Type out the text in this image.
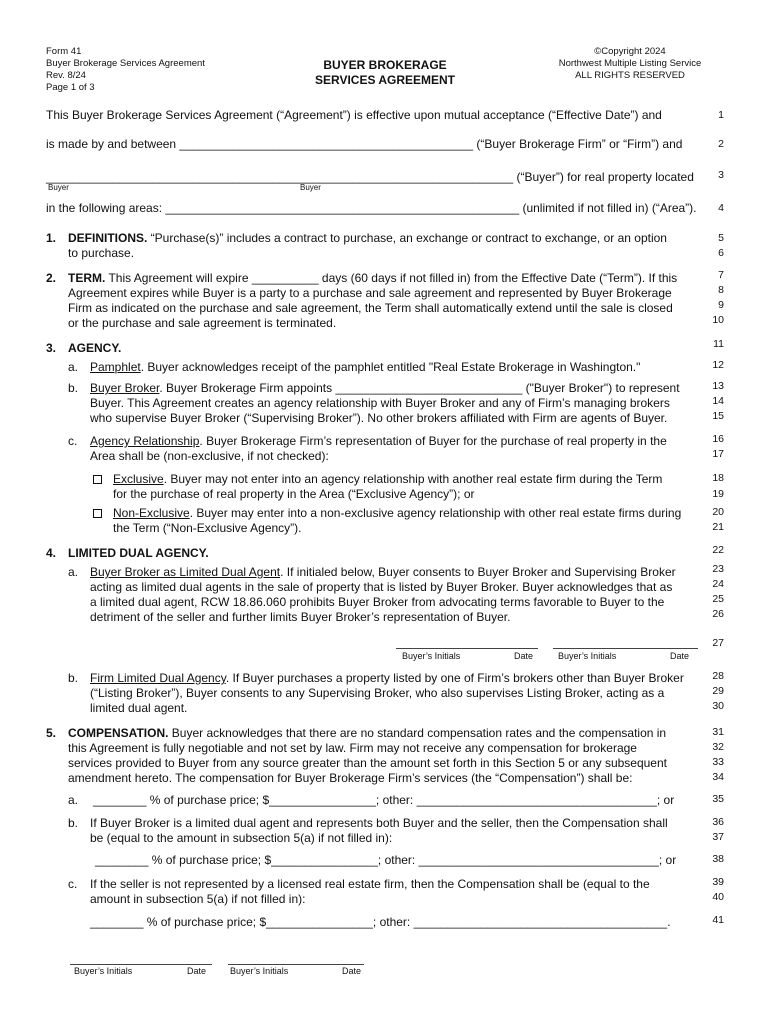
Form 41
Buyer Brokerage Services Agreement
Rev. 8/24
Page 1 of 3
BUYER BROKERAGE
SERVICES AGREEMENT
©Copyright 2024
Northwest Multiple Listing Service
ALL RIGHTS RESERVED
This Buyer Brokerage Services Agreement (“Agreement”) is effective upon mutual acceptance (“Effective Date”) and
is made by and between ____________________________________________ (“Buyer Brokerage Firm” or “Firm”) and
______________________________________________________________________ (“Buyer”) for real property located
Buyer	Buyer
in the following areas: _____________________________________________________ (unlimited if not filled in) (“Area”).
1. DEFINITIONS. “Purchase(s)” includes a contract to purchase, an exchange or contract to exchange, or an option
to purchase.
2. TERM. This Agreement will expire __________ days (60 days if not filled in) from the Effective Date (“Term”). If this
Agreement expires while Buyer is a party to a purchase and sale agreement and represented by Buyer Brokerage
Firm as indicated on the purchase and sale agreement, the Term shall automatically extend until the sale is closed
or the purchase and sale agreement is terminated.
3. AGENCY.
a. Pamphlet. Buyer acknowledges receipt of the pamphlet entitled "Real Estate Brokerage in Washington."
b. Buyer Broker. Buyer Brokerage Firm appoints ____________________________ ("Buyer Broker") to represent
Buyer. This Agreement creates an agency relationship with Buyer Broker and any of Firm’s managing brokers
who supervise Buyer Broker (“Supervising Broker”). No other brokers affiliated with Firm are agents of Buyer.
c. Agency Relationship. Buyer Brokerage Firm’s representation of Buyer for the purchase of real property in the
Area shall be (non-exclusive, if not checked):
Exclusive. Buyer may not enter into an agency relationship with another real estate firm during the Term
for the purchase of real property in the Area (“Exclusive Agency”); or
Non-Exclusive. Buyer may enter into a non-exclusive agency relationship with other real estate firms during
the Term (“Non-Exclusive Agency”).
4. LIMITED DUAL AGENCY.
a. Buyer Broker as Limited Dual Agent. If initialed below, Buyer consents to Buyer Broker and Supervising Broker
acting as limited dual agents in the sale of property that is listed by Buyer Broker. Buyer acknowledges that as
a limited dual agent, RCW 18.86.060 prohibits Buyer Broker from advocating terms favorable to Buyer to the
detriment of the seller and further limits Buyer Broker’s representation of Buyer.
Buyer’s Initials	Date	Buyer’s Initials	Date
b. Firm Limited Dual Agency. If Buyer purchases a property listed by one of Firm’s brokers other than Buyer Broker
(“Listing Broker”), Buyer consents to any Supervising Broker, who also supervises Listing Broker, acting as a
limited dual agent.
5. COMPENSATION. Buyer acknowledges that there are no standard compensation rates and the compensation in
this Agreement is fully negotiable and not set by law. Firm may not receive any compensation for brokerage
services provided to Buyer from any source greater than the amount set forth in this Section 5 or any subsequent
amendment hereto. The compensation for Buyer Brokerage Firm’s services (the “Compensation”) shall be:
a. ________ % of purchase price; $________________; other: ____________________________________; or
b. If Buyer Broker is a limited dual agent and represents both Buyer and the seller, then the Compensation shall
be (equal to the amount in subsection 5(a) if not filled in):
________ % of purchase price; $________________; other: ____________________________________; or
c. If the seller is not represented by a licensed real estate firm, then the Compensation shall be (equal to the
amount in subsection 5(a) if not filled in):
________ % of purchase price; $________________; other: ______________________________________.
Buyer’s Initials	Date	Buyer’s Initials	Date
1
2
3
4
5
6
7
8
9
10
11
12
13
14
15
16
17
18
19
20
21
22
23
24
25
26
27
28
29
30
31
32
33
34
35
36
37
38
39
40
41
